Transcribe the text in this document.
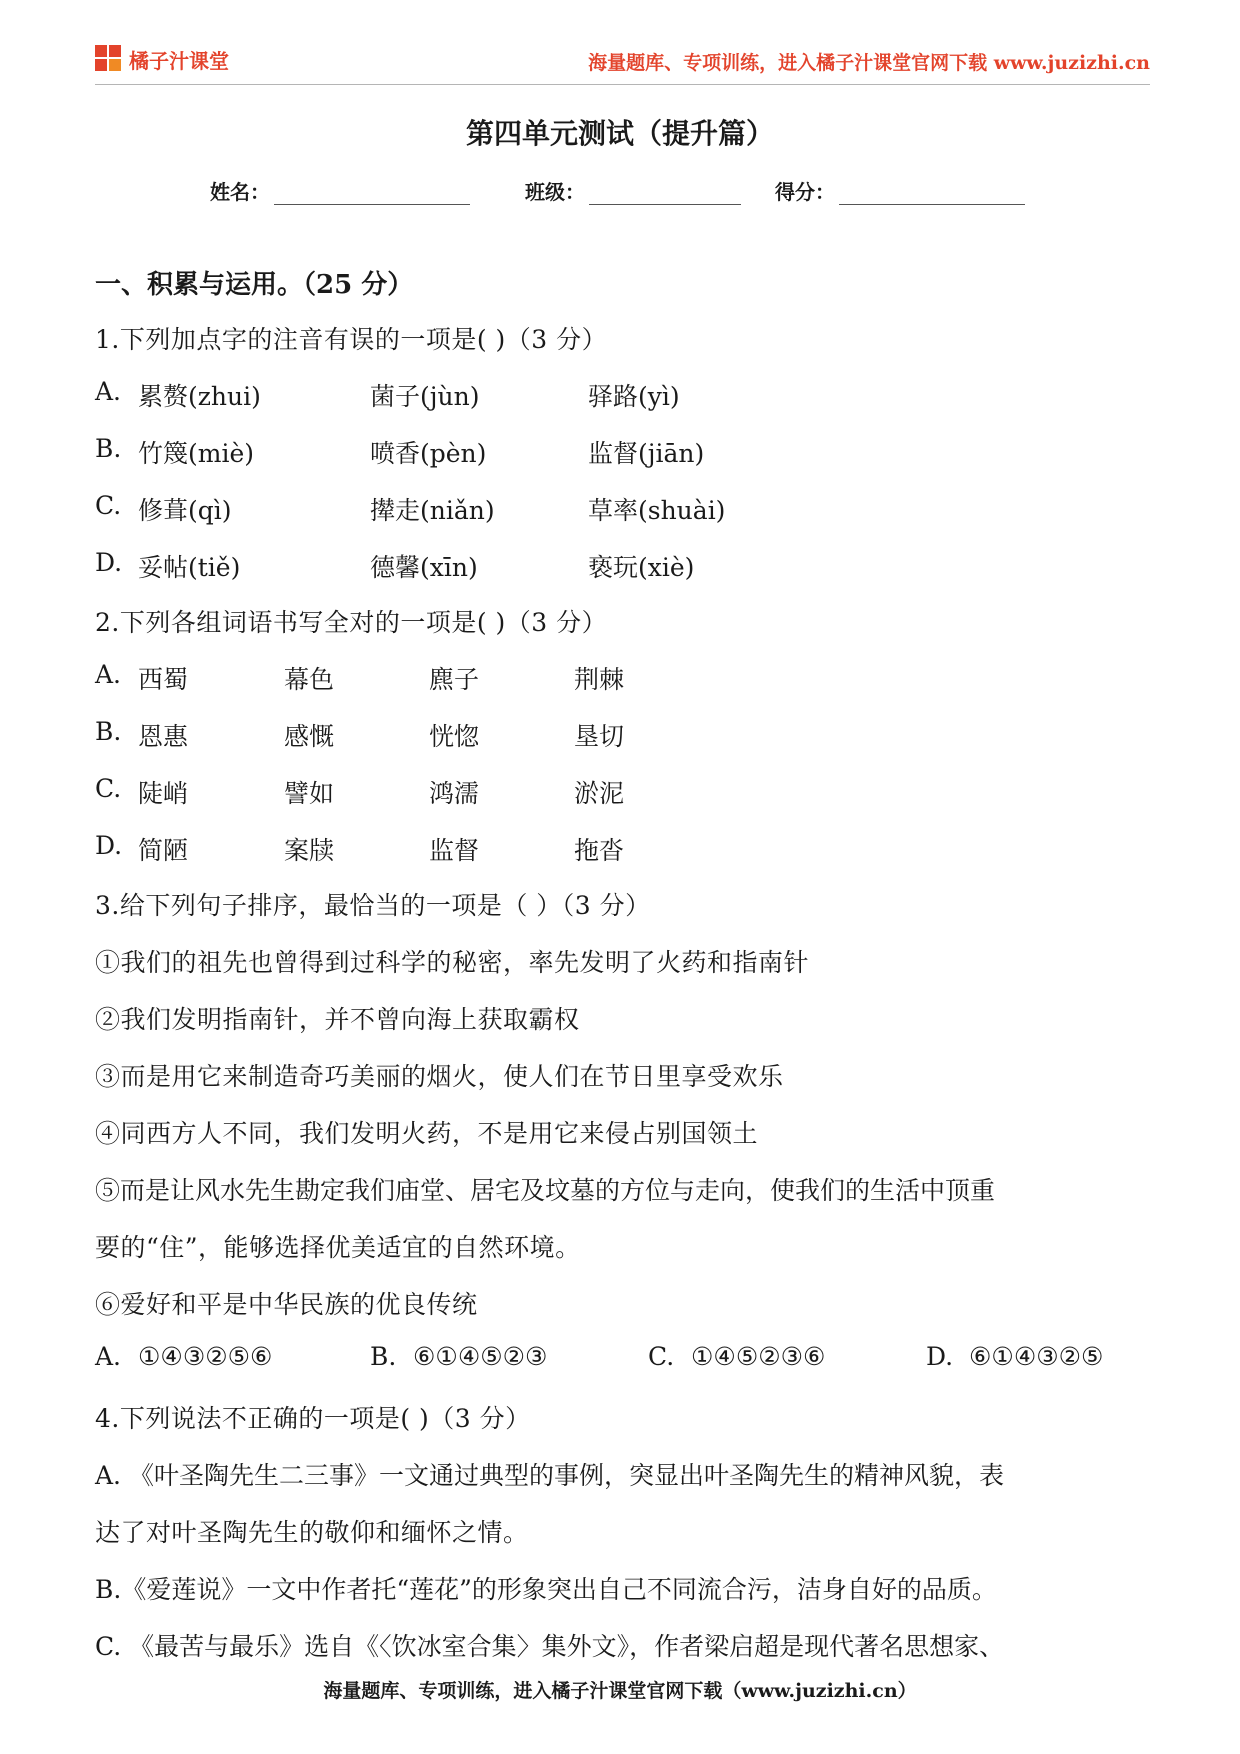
橘子汁课堂	海量题库、专项训练，进入橘子汁课堂官网下载 www.juzizhi.cn
第四单元测试（提升篇）
姓名：	班级：	得分：
一、积累与运用。（25 分）
1.下列加点字的注音有误的一项是( )（3 分）
A. 累赘(zhui)	菌子(jùn)	驿路(yì)
B. 竹篾(miè)	喷香(pèn)	监督(jiān)
C. 修葺(qì)	撵走(niǎn)	草率(shuài)
D. 妥帖(tiě)	德馨(xīn)	亵玩(xiè)
2.下列各组词语书写全对的一项是( )（3 分）
A. 西蜀	幕色	麃子	荆棘
B. 恩惠	感慨	恍惚	垦切
C. 陡峭	譬如	鸿濡	淤泥
D. 简陋	案牍	监督	拖沓
3.给下列句子排序，最恰当的一项是（ ）（3 分）
①我们的祖先也曾得到过科学的秘密，率先发明了火药和指南针
②我们发明指南针，并不曾向海上获取霸权
③而是用它来制造奇巧美丽的烟火，使人们在节日里享受欢乐
④同西方人不同，我们发明火药，不是用它来侵占别国领土
⑤而是让风水先生勘定我们庙堂、居宅及坟墓的方位与走向，使我们的生活中顶重
要的“住”，能够选择优美适宜的自然环境。
⑥爱好和平是中华民族的优良传统
A. ①④③②⑤⑥	B. ⑥①④⑤②③	C. ①④⑤②③⑥	D. ⑥①④③②⑤
4.下列说法不正确的一项是( )（3 分）
A. 《叶圣陶先生二三事》一文通过典型的事例，突显出叶圣陶先生的精神风貌，表
达了对叶圣陶先生的敬仰和缅怀之情。
B.《爱莲说》一文中作者托“莲花”的形象突出自己不同流合污，洁身自好的品质。
C. 《最苦与最乐》选自《〈饮冰室合集〉集外文》，作者梁启超是现代著名思想家、
海量题库、专项训练，进入橘子汁课堂官网下载（www.juzizhi.cn）
